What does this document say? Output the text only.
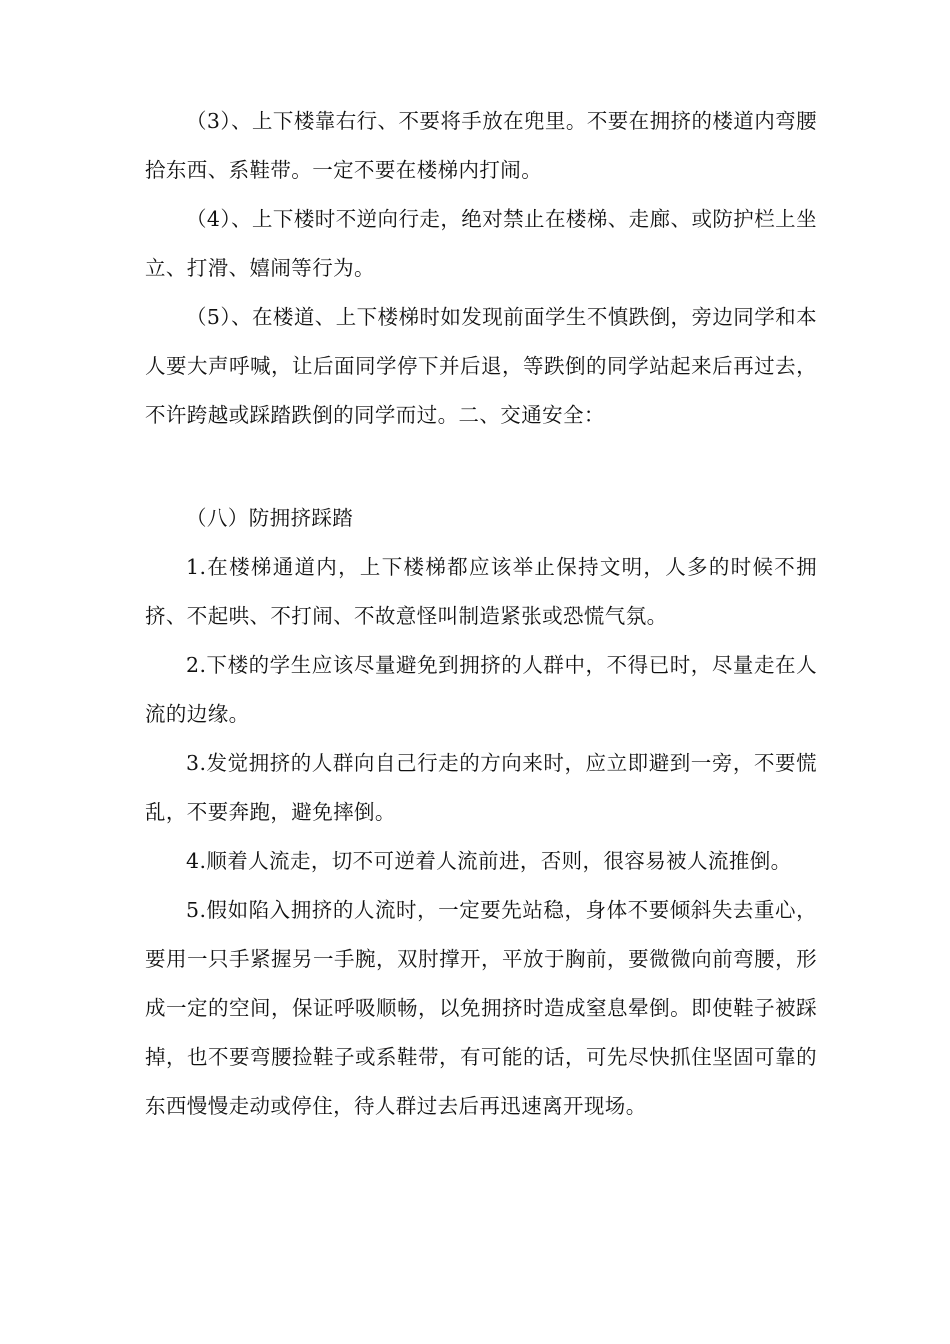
（3）、上下楼靠右行、不要将手放在兜里。不要在拥挤的楼道内弯腰拾东西、系鞋带。一定不要在楼梯内打闹。

（4）、上下楼时不逆向行走，绝对禁止在楼梯、走廊、或防护栏上坐立、打滑、嬉闹等行为。

（5）、在楼道、上下楼梯时如发现前面学生不慎跌倒，旁边同学和本人要大声呼喊，让后面同学停下并后退，等跌倒的同学站起来后再过去，不许跨越或踩踏跌倒的同学而过。二、交通安全：

（八）防拥挤踩踏

1.在楼梯通道内，上下楼梯都应该举止保持文明，人多的时候不拥挤、不起哄、不打闹、不故意怪叫制造紧张或恐慌气氛。

2.下楼的学生应该尽量避免到拥挤的人群中，不得已时，尽量走在人流的边缘。

3.发觉拥挤的人群向自己行走的方向来时，应立即避到一旁，不要慌乱，不要奔跑，避免摔倒。

4.顺着人流走，切不可逆着人流前进，否则，很容易被人流推倒。

5.假如陷入拥挤的人流时，一定要先站稳，身体不要倾斜失去重心，要用一只手紧握另一手腕，双肘撑开，平放于胸前，要微微向前弯腰，形成一定的空间，保证呼吸顺畅，以免拥挤时造成窒息晕倒。即使鞋子被踩掉，也不要弯腰捡鞋子或系鞋带，有可能的话，可先尽快抓住坚固可靠的东西慢慢走动或停住，待人群过去后再迅速离开现场。
